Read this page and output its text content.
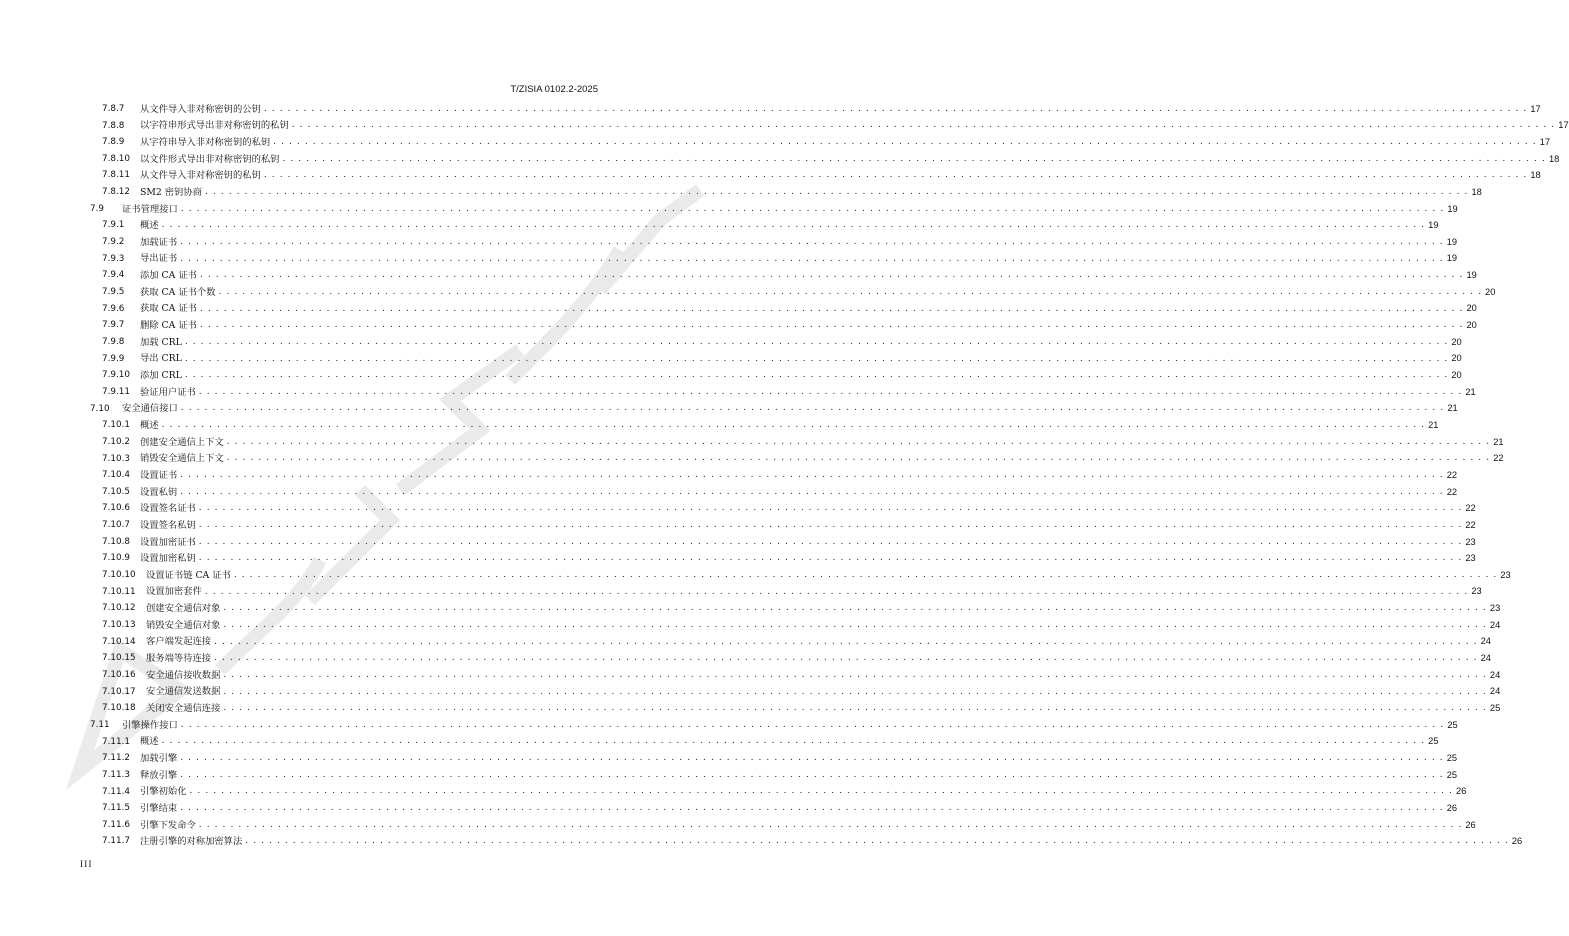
T/ZISIA 0102.2-2025
7.8.7	从文件导入非对称密钥的公钥 . . . . . . . . . . . . . . . . . . . . . . . . . . . . . . . . . . . . . . . . . . . . . . . . . . . . . . . . . . . . . . . . . . . . . . . . . . . . . . . . . . . . . . . . . . . . . . . . . . . . . . . . . . . . . . . . . . . . . . . . . . . . . . . . . . . . . . . . . . . . . . . . . . . . . . . . . . . . . . . . 17
7.8.8	以字符串形式导出非对称密钥的私钥 . . . . . . . . . . . . . . . . . . . . . . . . . . . . . . . . . . . . . . . . . . . . . . . . . . . . . . . . . . . . . . . . . . . . . . . . . . . . . . . . . . . . . . . . . . . . . . . . . . . . . . . . . . . . . . . . . . . . . . . . . . . . . . . . . . . . . . . . . . . . . . . . . . . . . . . . . . . . . . . . 17
7.8.9	从字符串导入非对称密钥的私钥 . . . . . . . . . . . . . . . . . . . . . . . . . . . . . . . . . . . . . . . . . . . . . . . . . . . . . . . . . . . . . . . . . . . . . . . . . . . . . . . . . . . . . . . . . . . . . . . . . . . . . . . . . . . . . . . . . . . . . . . . . . . . . . . . . . . . . . . . . . . . . . . . . . . . . . . . . . . . . . . . 17
7.8.10	以文件形式导出非对称密钥的私钥 . . . . . . . . . . . . . . . . . . . . . . . . . . . . . . . . . . . . . . . . . . . . . . . . . . . . . . . . . . . . . . . . . . . . . . . . . . . . . . . . . . . . . . . . . . . . . . . . . . . . . . . . . . . . . . . . . . . . . . . . . . . . . . . . . . . . . . . . . . . . . . . . . . . . . . . . . . . . . . . . 18
7.8.11	从文件导入非对称密钥的私钥 . . . . . . . . . . . . . . . . . . . . . . . . . . . . . . . . . . . . . . . . . . . . . . . . . . . . . . . . . . . . . . . . . . . . . . . . . . . . . . . . . . . . . . . . . . . . . . . . . . . . . . . . . . . . . . . . . . . . . . . . . . . . . . . . . . . . . . . . . . . . . . . . . . . . . . . . . . . . . . . . 18
7.8.12	SM2 密钥协商 . . . . . . . . . . . . . . . . . . . . . . . . . . . . . . . . . . . . . . . . . . . . . . . . . . . . . . . . . . . . . . . . . . . . . . . . . . . . . . . . . . . . . . . . . . . . . . . . . . . . . . . . . . . . . . . . . . . . . . . . . . . . . . . . . . . . . . . . . . . . . . . . . . . . . . . . . . . . . . . . 18
7.9	证书管理接口 . . . . . . . . . . . . . . . . . . . . . . . . . . . . . . . . . . . . . . . . . . . . . . . . . . . . . . . . . . . . . . . . . . . . . . . . . . . . . . . . . . . . . . . . . . . . . . . . . . . . . . . . . . . . . . . . . . . . . . . . . . . . . . . . . . . . . . . . . . . . . . . . . . . . . . . . . . . . . . . . 19
7.9.1	概述 . . . . . . . . . . . . . . . . . . . . . . . . . . . . . . . . . . . . . . . . . . . . . . . . . . . . . . . . . . . . . . . . . . . . . . . . . . . . . . . . . . . . . . . . . . . . . . . . . . . . . . . . . . . . . . . . . . . . . . . . . . . . . . . . . . . . . . . . . . . . . . . . . . . . . . . . . . . . . . . . 19
7.9.2	加载证书 . . . . . . . . . . . . . . . . . . . . . . . . . . . . . . . . . . . . . . . . . . . . . . . . . . . . . . . . . . . . . . . . . . . . . . . . . . . . . . . . . . . . . . . . . . . . . . . . . . . . . . . . . . . . . . . . . . . . . . . . . . . . . . . . . . . . . . . . . . . . . . . . . . . . . . . . . . . . . . . . 19
7.9.3	导出证书 . . . . . . . . . . . . . . . . . . . . . . . . . . . . . . . . . . . . . . . . . . . . . . . . . . . . . . . . . . . . . . . . . . . . . . . . . . . . . . . . . . . . . . . . . . . . . . . . . . . . . . . . . . . . . . . . . . . . . . . . . . . . . . . . . . . . . . . . . . . . . . . . . . . . . . . . . . . . . . . . 19
7.9.4	添加 CA 证书 . . . . . . . . . . . . . . . . . . . . . . . . . . . . . . . . . . . . . . . . . . . . . . . . . . . . . . . . . . . . . . . . . . . . . . . . . . . . . . . . . . . . . . . . . . . . . . . . . . . . . . . . . . . . . . . . . . . . . . . . . . . . . . . . . . . . . . . . . . . . . . . . . . . . . . . . . . . . . . . . 19
7.9.5	获取 CA 证书个数 . . . . . . . . . . . . . . . . . . . . . . . . . . . . . . . . . . . . . . . . . . . . . . . . . . . . . . . . . . . . . . . . . . . . . . . . . . . . . . . . . . . . . . . . . . . . . . . . . . . . . . . . . . . . . . . . . . . . . . . . . . . . . . . . . . . . . . . . . . . . . . . . . . . . . . . . . . . . . . . . 20
7.9.6	获取 CA 证书 . . . . . . . . . . . . . . . . . . . . . . . . . . . . . . . . . . . . . . . . . . . . . . . . . . . . . . . . . . . . . . . . . . . . . . . . . . . . . . . . . . . . . . . . . . . . . . . . . . . . . . . . . . . . . . . . . . . . . . . . . . . . . . . . . . . . . . . . . . . . . . . . . . . . . . . . . . . . . . . . 20
7.9.7	删除 CA 证书 . . . . . . . . . . . . . . . . . . . . . . . . . . . . . . . . . . . . . . . . . . . . . . . . . . . . . . . . . . . . . . . . . . . . . . . . . . . . . . . . . . . . . . . . . . . . . . . . . . . . . . . . . . . . . . . . . . . . . . . . . . . . . . . . . . . . . . . . . . . . . . . . . . . . . . . . . . . . . . . . 20
7.9.8	加载 CRL . . . . . . . . . . . . . . . . . . . . . . . . . . . . . . . . . . . . . . . . . . . . . . . . . . . . . . . . . . . . . . . . . . . . . . . . . . . . . . . . . . . . . . . . . . . . . . . . . . . . . . . . . . . . . . . . . . . . . . . . . . . . . . . . . . . . . . . . . . . . . . . . . . . . . . . . . . . . . . . . 20
7.9.9	导出 CRL . . . . . . . . . . . . . . . . . . . . . . . . . . . . . . . . . . . . . . . . . . . . . . . . . . . . . . . . . . . . . . . . . . . . . . . . . . . . . . . . . . . . . . . . . . . . . . . . . . . . . . . . . . . . . . . . . . . . . . . . . . . . . . . . . . . . . . . . . . . . . . . . . . . . . . . . . . . . . . . . 20
7.9.10	添加 CRL . . . . . . . . . . . . . . . . . . . . . . . . . . . . . . . . . . . . . . . . . . . . . . . . . . . . . . . . . . . . . . . . . . . . . . . . . . . . . . . . . . . . . . . . . . . . . . . . . . . . . . . . . . . . . . . . . . . . . . . . . . . . . . . . . . . . . . . . . . . . . . . . . . . . . . . . . . . . . . . . 20
7.9.11	验证用户证书 . . . . . . . . . . . . . . . . . . . . . . . . . . . . . . . . . . . . . . . . . . . . . . . . . . . . . . . . . . . . . . . . . . . . . . . . . . . . . . . . . . . . . . . . . . . . . . . . . . . . . . . . . . . . . . . . . . . . . . . . . . . . . . . . . . . . . . . . . . . . . . . . . . . . . . . . . . . . . . . . 21
7.10	安全通信接口 . . . . . . . . . . . . . . . . . . . . . . . . . . . . . . . . . . . . . . . . . . . . . . . . . . . . . . . . . . . . . . . . . . . . . . . . . . . . . . . . . . . . . . . . . . . . . . . . . . . . . . . . . . . . . . . . . . . . . . . . . . . . . . . . . . . . . . . . . . . . . . . . . . . . . . . . . . . . . . . . 21
7.10.1	概述 . . . . . . . . . . . . . . . . . . . . . . . . . . . . . . . . . . . . . . . . . . . . . . . . . . . . . . . . . . . . . . . . . . . . . . . . . . . . . . . . . . . . . . . . . . . . . . . . . . . . . . . . . . . . . . . . . . . . . . . . . . . . . . . . . . . . . . . . . . . . . . . . . . . . . . . . . . . . . . . . 21
7.10.2	创建安全通信上下文 . . . . . . . . . . . . . . . . . . . . . . . . . . . . . . . . . . . . . . . . . . . . . . . . . . . . . . . . . . . . . . . . . . . . . . . . . . . . . . . . . . . . . . . . . . . . . . . . . . . . . . . . . . . . . . . . . . . . . . . . . . . . . . . . . . . . . . . . . . . . . . . . . . . . . . . . . . . . . . . . 21
7.10.3	销毁安全通信上下文 . . . . . . . . . . . . . . . . . . . . . . . . . . . . . . . . . . . . . . . . . . . . . . . . . . . . . . . . . . . . . . . . . . . . . . . . . . . . . . . . . . . . . . . . . . . . . . . . . . . . . . . . . . . . . . . . . . . . . . . . . . . . . . . . . . . . . . . . . . . . . . . . . . . . . . . . . . . . . . . . 22
7.10.4	设置证书 . . . . . . . . . . . . . . . . . . . . . . . . . . . . . . . . . . . . . . . . . . . . . . . . . . . . . . . . . . . . . . . . . . . . . . . . . . . . . . . . . . . . . . . . . . . . . . . . . . . . . . . . . . . . . . . . . . . . . . . . . . . . . . . . . . . . . . . . . . . . . . . . . . . . . . . . . . . . . . . . 22
7.10.5	设置私钥 . . . . . . . . . . . . . . . . . . . . . . . . . . . . . . . . . . . . . . . . . . . . . . . . . . . . . . . . . . . . . . . . . . . . . . . . . . . . . . . . . . . . . . . . . . . . . . . . . . . . . . . . . . . . . . . . . . . . . . . . . . . . . . . . . . . . . . . . . . . . . . . . . . . . . . . . . . . . . . . . 22
7.10.6	设置签名证书 . . . . . . . . . . . . . . . . . . . . . . . . . . . . . . . . . . . . . . . . . . . . . . . . . . . . . . . . . . . . . . . . . . . . . . . . . . . . . . . . . . . . . . . . . . . . . . . . . . . . . . . . . . . . . . . . . . . . . . . . . . . . . . . . . . . . . . . . . . . . . . . . . . . . . . . . . . . . . . . . 22
7.10.7	设置签名私钥 . . . . . . . . . . . . . . . . . . . . . . . . . . . . . . . . . . . . . . . . . . . . . . . . . . . . . . . . . . . . . . . . . . . . . . . . . . . . . . . . . . . . . . . . . . . . . . . . . . . . . . . . . . . . . . . . . . . . . . . . . . . . . . . . . . . . . . . . . . . . . . . . . . . . . . . . . . . . . . . . 22
7.10.8	设置加密证书 . . . . . . . . . . . . . . . . . . . . . . . . . . . . . . . . . . . . . . . . . . . . . . . . . . . . . . . . . . . . . . . . . . . . . . . . . . . . . . . . . . . . . . . . . . . . . . . . . . . . . . . . . . . . . . . . . . . . . . . . . . . . . . . . . . . . . . . . . . . . . . . . . . . . . . . . . . . . . . . . 23
7.10.9	设置加密私钥 . . . . . . . . . . . . . . . . . . . . . . . . . . . . . . . . . . . . . . . . . . . . . . . . . . . . . . . . . . . . . . . . . . . . . . . . . . . . . . . . . . . . . . . . . . . . . . . . . . . . . . . . . . . . . . . . . . . . . . . . . . . . . . . . . . . . . . . . . . . . . . . . . . . . . . . . . . . . . . . . 23
7.10.10	设置证书链 CA 证书 . . . . . . . . . . . . . . . . . . . . . . . . . . . . . . . . . . . . . . . . . . . . . . . . . . . . . . . . . . . . . . . . . . . . . . . . . . . . . . . . . . . . . . . . . . . . . . . . . . . . . . . . . . . . . . . . . . . . . . . . . . . . . . . . . . . . . . . . . . . . . . . . . . . . . . . . . . . . . . . . 23
7.10.11	设置加密套件 . . . . . . . . . . . . . . . . . . . . . . . . . . . . . . . . . . . . . . . . . . . . . . . . . . . . . . . . . . . . . . . . . . . . . . . . . . . . . . . . . . . . . . . . . . . . . . . . . . . . . . . . . . . . . . . . . . . . . . . . . . . . . . . . . . . . . . . . . . . . . . . . . . . . . . . . . . . . . . . . 23
7.10.12	创建安全通信对象 . . . . . . . . . . . . . . . . . . . . . . . . . . . . . . . . . . . . . . . . . . . . . . . . . . . . . . . . . . . . . . . . . . . . . . . . . . . . . . . . . . . . . . . . . . . . . . . . . . . . . . . . . . . . . . . . . . . . . . . . . . . . . . . . . . . . . . . . . . . . . . . . . . . . . . . . . . . . . . . . 23
7.10.13	销毁安全通信对象 . . . . . . . . . . . . . . . . . . . . . . . . . . . . . . . . . . . . . . . . . . . . . . . . . . . . . . . . . . . . . . . . . . . . . . . . . . . . . . . . . . . . . . . . . . . . . . . . . . . . . . . . . . . . . . . . . . . . . . . . . . . . . . . . . . . . . . . . . . . . . . . . . . . . . . . . . . . . . . . . 24
7.10.14	客户端发起连接 . . . . . . . . . . . . . . . . . . . . . . . . . . . . . . . . . . . . . . . . . . . . . . . . . . . . . . . . . . . . . . . . . . . . . . . . . . . . . . . . . . . . . . . . . . . . . . . . . . . . . . . . . . . . . . . . . . . . . . . . . . . . . . . . . . . . . . . . . . . . . . . . . . . . . . . . . . . . . . . . 24
7.10.15	服务端等待连接 . . . . . . . . . . . . . . . . . . . . . . . . . . . . . . . . . . . . . . . . . . . . . . . . . . . . . . . . . . . . . . . . . . . . . . . . . . . . . . . . . . . . . . . . . . . . . . . . . . . . . . . . . . . . . . . . . . . . . . . . . . . . . . . . . . . . . . . . . . . . . . . . . . . . . . . . . . . . . . . . 24
7.10.16	安全通信接收数据 . . . . . . . . . . . . . . . . . . . . . . . . . . . . . . . . . . . . . . . . . . . . . . . . . . . . . . . . . . . . . . . . . . . . . . . . . . . . . . . . . . . . . . . . . . . . . . . . . . . . . . . . . . . . . . . . . . . . . . . . . . . . . . . . . . . . . . . . . . . . . . . . . . . . . . . . . . . . . . . . 24
7.10.17	安全通信发送数据 . . . . . . . . . . . . . . . . . . . . . . . . . . . . . . . . . . . . . . . . . . . . . . . . . . . . . . . . . . . . . . . . . . . . . . . . . . . . . . . . . . . . . . . . . . . . . . . . . . . . . . . . . . . . . . . . . . . . . . . . . . . . . . . . . . . . . . . . . . . . . . . . . . . . . . . . . . . . . . . . 24
7.10.18	关闭安全通信连接 . . . . . . . . . . . . . . . . . . . . . . . . . . . . . . . . . . . . . . . . . . . . . . . . . . . . . . . . . . . . . . . . . . . . . . . . . . . . . . . . . . . . . . . . . . . . . . . . . . . . . . . . . . . . . . . . . . . . . . . . . . . . . . . . . . . . . . . . . . . . . . . . . . . . . . . . . . . . . . . . 25
7.11	引擎操作接口 . . . . . . . . . . . . . . . . . . . . . . . . . . . . . . . . . . . . . . . . . . . . . . . . . . . . . . . . . . . . . . . . . . . . . . . . . . . . . . . . . . . . . . . . . . . . . . . . . . . . . . . . . . . . . . . . . . . . . . . . . . . . . . . . . . . . . . . . . . . . . . . . . . . . . . . . . . . . . . . . 25
7.11.1	概述 . . . . . . . . . . . . . . . . . . . . . . . . . . . . . . . . . . . . . . . . . . . . . . . . . . . . . . . . . . . . . . . . . . . . . . . . . . . . . . . . . . . . . . . . . . . . . . . . . . . . . . . . . . . . . . . . . . . . . . . . . . . . . . . . . . . . . . . . . . . . . . . . . . . . . . . . . . . . . . . . 25
7.11.2	加载引擎 . . . . . . . . . . . . . . . . . . . . . . . . . . . . . . . . . . . . . . . . . . . . . . . . . . . . . . . . . . . . . . . . . . . . . . . . . . . . . . . . . . . . . . . . . . . . . . . . . . . . . . . . . . . . . . . . . . . . . . . . . . . . . . . . . . . . . . . . . . . . . . . . . . . . . . . . . . . . . . . . 25
7.11.3	释放引擎 . . . . . . . . . . . . . . . . . . . . . . . . . . . . . . . . . . . . . . . . . . . . . . . . . . . . . . . . . . . . . . . . . . . . . . . . . . . . . . . . . . . . . . . . . . . . . . . . . . . . . . . . . . . . . . . . . . . . . . . . . . . . . . . . . . . . . . . . . . . . . . . . . . . . . . . . . . . . . . . . 25
7.11.4	引擎初始化 . . . . . . . . . . . . . . . . . . . . . . . . . . . . . . . . . . . . . . . . . . . . . . . . . . . . . . . . . . . . . . . . . . . . . . . . . . . . . . . . . . . . . . . . . . . . . . . . . . . . . . . . . . . . . . . . . . . . . . . . . . . . . . . . . . . . . . . . . . . . . . . . . . . . . . . . . . . . . . . . 26
7.11.5	引擎结束 . . . . . . . . . . . . . . . . . . . . . . . . . . . . . . . . . . . . . . . . . . . . . . . . . . . . . . . . . . . . . . . . . . . . . . . . . . . . . . . . . . . . . . . . . . . . . . . . . . . . . . . . . . . . . . . . . . . . . . . . . . . . . . . . . . . . . . . . . . . . . . . . . . . . . . . . . . . . . . . . 26
7.11.6	引擎下发命令 . . . . . . . . . . . . . . . . . . . . . . . . . . . . . . . . . . . . . . . . . . . . . . . . . . . . . . . . . . . . . . . . . . . . . . . . . . . . . . . . . . . . . . . . . . . . . . . . . . . . . . . . . . . . . . . . . . . . . . . . . . . . . . . . . . . . . . . . . . . . . . . . . . . . . . . . . . . . . . . . 26
7.11.7	注册引擎的对称加密算法 . . . . . . . . . . . . . . . . . . . . . . . . . . . . . . . . . . . . . . . . . . . . . . . . . . . . . . . . . . . . . . . . . . . . . . . . . . . . . . . . . . . . . . . . . . . . . . . . . . . . . . . . . . . . . . . . . . . . . . . . . . . . . . . . . . . . . . . . . . . . . . . . . . . . . . . . . . . . . . . . 26
III
